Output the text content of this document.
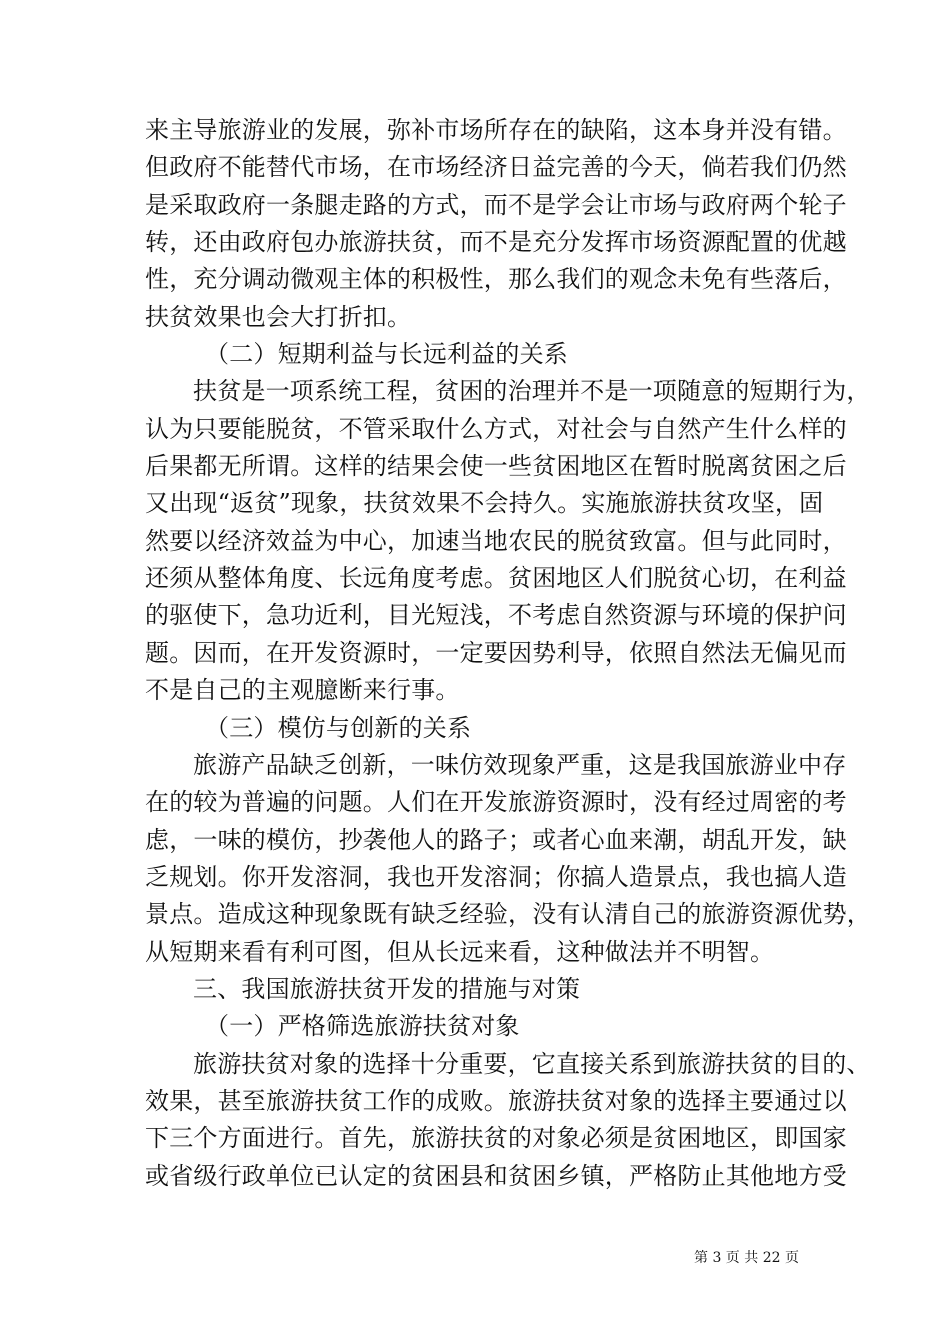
来主导旅游业的发展，弥补市场所存在的缺陷，这本身并没有错。
但政府不能替代市场，在市场经济日益完善的今天，倘若我们仍然
是采取政府一条腿走路的方式，而不是学会让市场与政府两个轮子
转，还由政府包办旅游扶贫，而不是充分发挥市场资源配置的优越
性，充分调动微观主体的积极性，那么我们的观念未免有些落后，
扶贫效果也会大打折扣。
（二）短期利益与长远利益的关系
扶贫是一项系统工程，贫困的治理并不是一项随意的短期行为，
认为只要能脱贫，不管采取什么方式，对社会与自然产生什么样的
后果都无所谓。这样的结果会使一些贫困地区在暂时脱离贫困之后
又出现“返贫”现象，扶贫效果不会持久。实施旅游扶贫攻坚，固
然要以经济效益为中心，加速当地农民的脱贫致富。但与此同时，
还须从整体角度、长远角度考虑。贫困地区人们脱贫心切，在利益
的驱使下，急功近利，目光短浅，不考虑自然资源与环境的保护问
题。因而，在开发资源时，一定要因势利导，依照自然法无偏见而
不是自己的主观臆断来行事。
（三）模仿与创新的关系
旅游产品缺乏创新，一味仿效现象严重，这是我国旅游业中存
在的较为普遍的问题。人们在开发旅游资源时，没有经过周密的考
虑，一味的模仿，抄袭他人的路子；或者心血来潮，胡乱开发，缺
乏规划。你开发溶洞，我也开发溶洞；你搞人造景点，我也搞人造
景点。造成这种现象既有缺乏经验，没有认清自己的旅游资源优势，
从短期来看有利可图，但从长远来看，这种做法并不明智。
三、我国旅游扶贫开发的措施与对策
（一）严格筛选旅游扶贫对象
旅游扶贫对象的选择十分重要，它直接关系到旅游扶贫的目的、
效果，甚至旅游扶贫工作的成败。旅游扶贫对象的选择主要通过以
下三个方面进行。首先，旅游扶贫的对象必须是贫困地区，即国家
或省级行政单位已认定的贫困县和贫困乡镇，严格防止其他地方受
第 3 页 共 22 页
